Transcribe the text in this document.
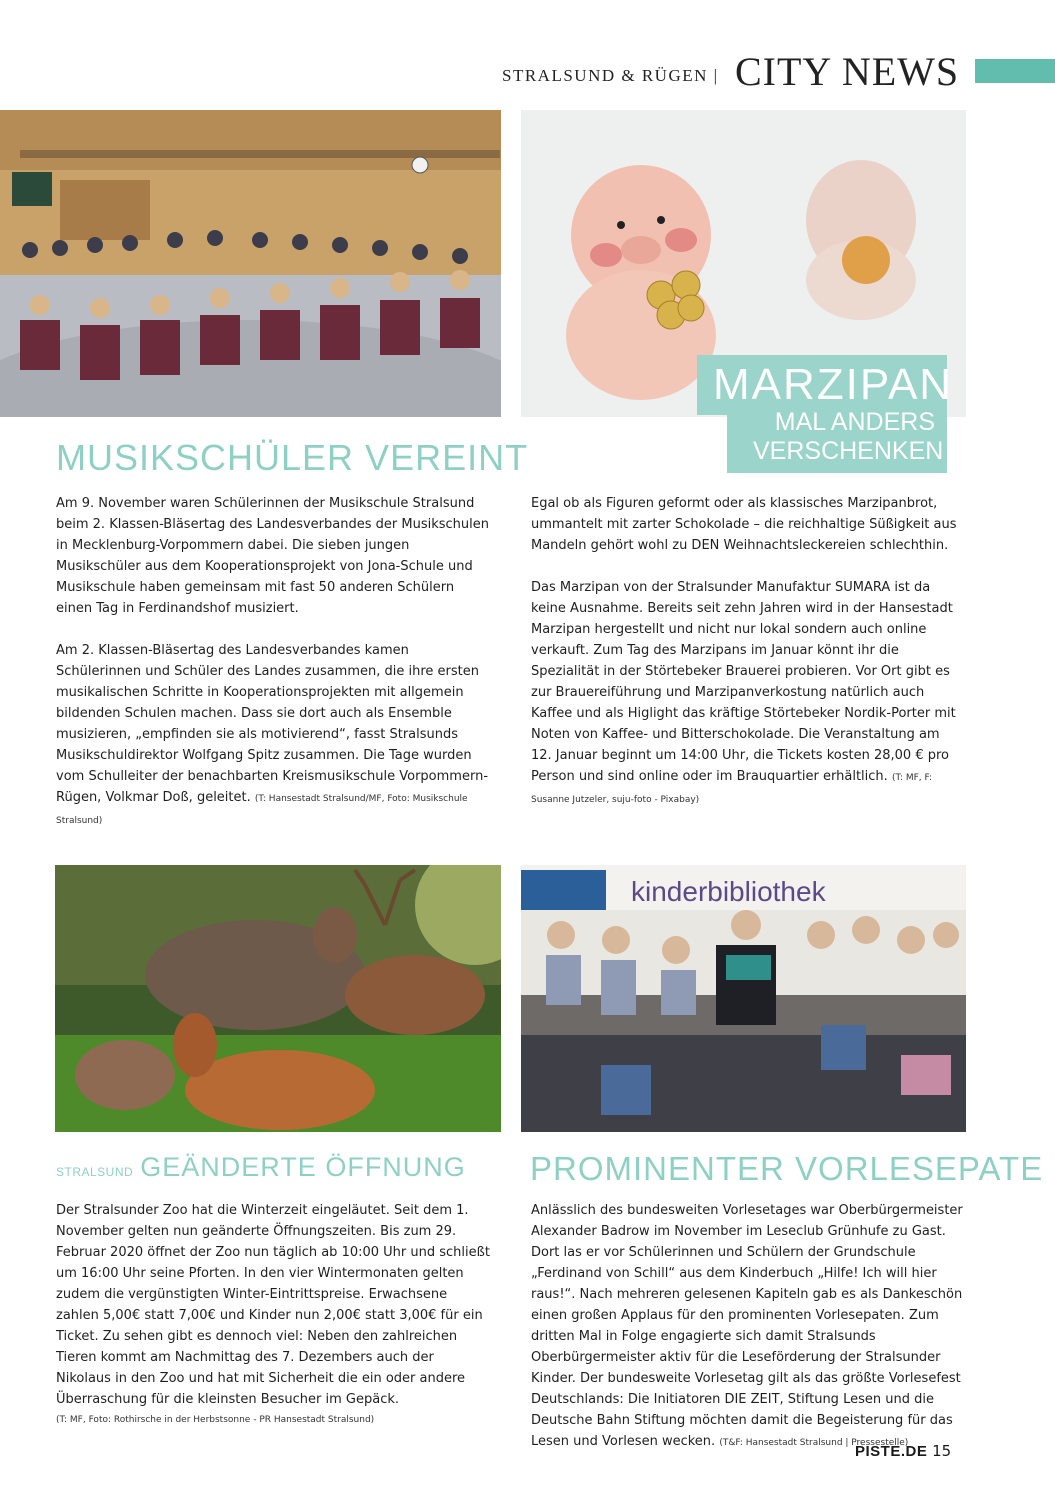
STRALSUND & RÜGEN | CITY NEWS
MARZIPAN
MAL ANDERS
VERSCHENKEN
MUSIKSCHÜLER VEREINT

Am 9. November waren Schülerinnen der Musikschule Stralsund beim 2. Klassen-Bläsertag des Landesverbandes der Musikschulen in Mecklenburg-Vorpommern dabei. Die sieben jungen Musikschüler aus dem Kooperationsprojekt von Jona-Schule und Musikschule haben gemeinsam mit fast 50 anderen Schülern einen Tag in Ferdinandshof musiziert.

Am 2. Klassen-Bläsertag des Landesverbandes kamen Schülerinnen und Schüler des Landes zusammen, die ihre ersten musikalischen Schritte in Kooperationsprojekten mit allgemein bildenden Schulen machen. Dass sie dort auch als Ensemble musizieren, „empfinden sie als motivierend“, fasst Stralsunds Musikschuldirektor Wolfgang Spitz zusammen. Die Tage wurden vom Schulleiter der benachbarten Kreismusikschule Vorpommern-Rügen, Volkmar Doß, geleitet. (T: Hansestadt Stralsund/MF, Foto: Musikschule Stralsund)

Egal ob als Figuren geformt oder als klassisches Marzipanbrot, ummantelt mit zarter Schokolade – die reichhaltige Süßigkeit aus Mandeln gehört wohl zu DEN Weihnachtsleckereien schlechthin.

Das Marzipan von der Stralsunder Manufaktur SUMARA ist da keine Ausnahme. Bereits seit zehn Jahren wird in der Hansestadt Marzipan hergestellt und nicht nur lokal sondern auch online verkauft. Zum Tag des Marzipans im Januar könnt ihr die Spezialität in der Störtebeker Brauerei probieren. Vor Ort gibt es zur Brauereiführung und Marzipanverkostung natürlich auch Kaffee und als Higlight das kräftige Störtebeker Nordik-Porter mit Noten von Kaffee- und Bitterschokolade. Die Veranstaltung am 12. Januar beginnt um 14:00 Uhr, die Tickets kosten 28,00 € pro Person und sind online oder im Brauquartier erhältlich. (T: MF, F: Susanne Jutzeler, suju-foto - Pixabay)

kinderbibliothek
STRALSUND GEÄNDERTE ÖFFNUNG

Der Stralsunder Zoo hat die Winterzeit eingeläutet. Seit dem 1. November gelten nun geänderte Öffnungszeiten. Bis zum 29. Februar 2020 öffnet der Zoo nun täglich ab 10:00 Uhr und schließt um 16:00 Uhr seine Pforten. In den vier Wintermonaten gelten zudem die vergünstigten Winter-Eintrittspreise. Erwachsene zahlen 5,00€ statt 7,00€ und Kinder nun 2,00€ statt 3,00€ für ein Ticket. Zu sehen gibt es dennoch viel: Neben den zahlreichen Tieren kommt am Nachmittag des 7. Dezembers auch der Nikolaus in den Zoo und hat mit Sicherheit die ein oder andere Überraschung für die kleinsten Besucher im Gepäck.

(T: MF, Foto: Rothirsche in der Herbstsonne - PR Hansestadt Stralsund)
PROMINENTER VORLESEPATE

Anlässlich des bundesweiten Vorlesetages war Oberbürgermeister Alexander Badrow im November im Leseclub Grünhufe zu Gast. Dort las er vor Schülerinnen und Schülern der Grundschule „Ferdinand von Schill“ aus dem Kinderbuch „Hilfe! Ich will hier raus!“. Nach mehreren gelesenen Kapiteln gab es als Dankeschön einen großen Applaus für den prominenten Vorlesepaten. Zum dritten Mal in Folge engagierte sich damit Stralsunds Oberbürgermeister aktiv für die Leseförderung der Stralsunder Kinder. Der bundesweite Vorlesetag gilt als das größte Vorlesefest Deutschlands: Die Initiatoren DIE ZEIT, Stiftung Lesen und die Deutsche Bahn Stiftung möchten damit die Begeisterung für das Lesen und Vorlesen wecken. (T&F: Hansestadt Stralsund | Pressestelle)

PISTE.DE 15
